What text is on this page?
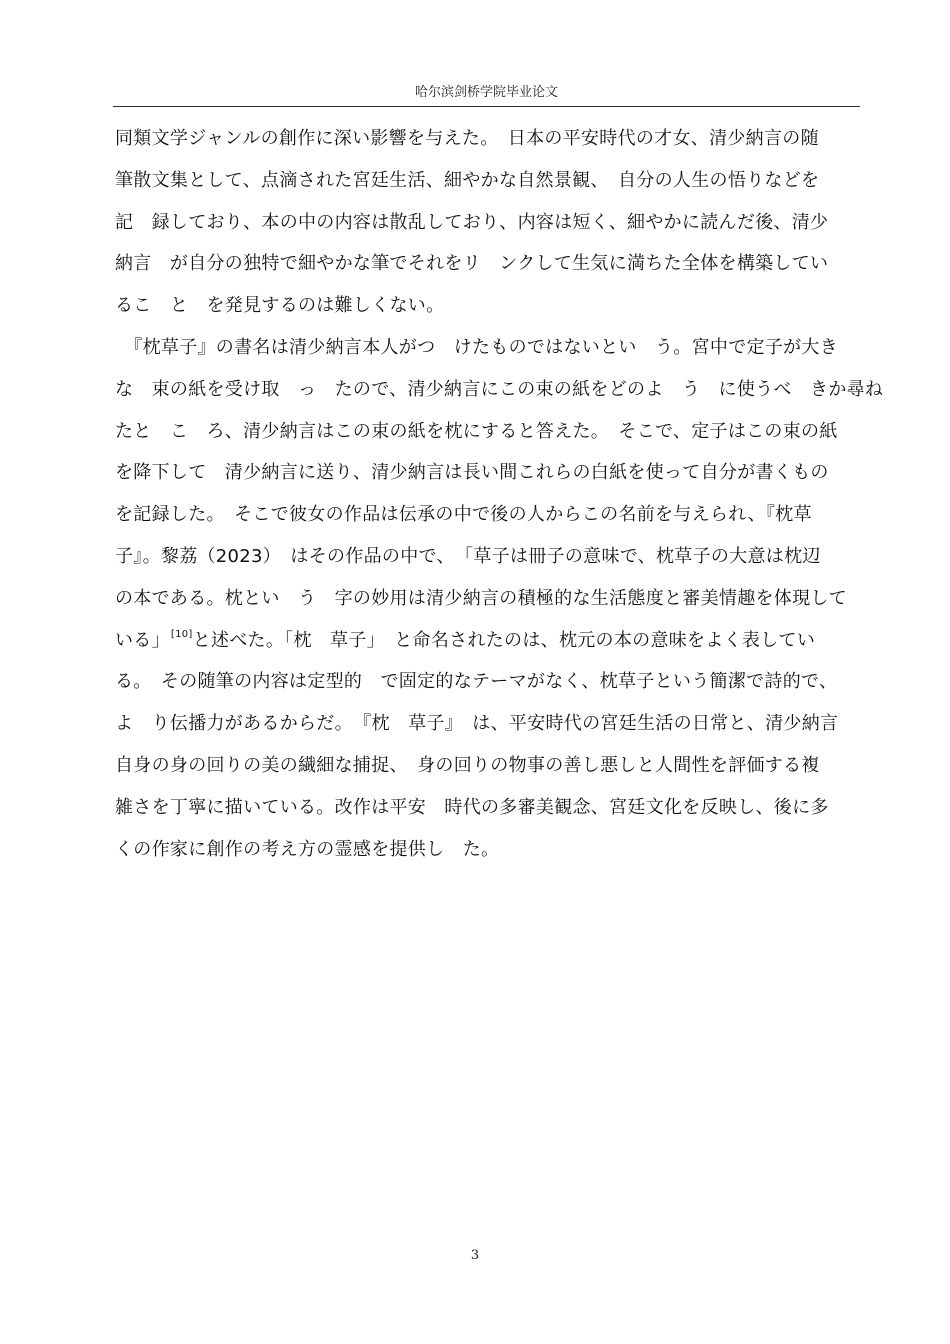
哈尔滨剑桥学院毕业论文
同類文学ジャンルの創作に深い影響を与えた。　日本の平安時代の才女、清少納言の随
筆散文集として、点滴された宮廷生活、細やかな自然景観、　自分の人生の悟りなどを
記　録しており、本の中の内容は散乱しており、内容は短く、細やかに読んだ後、清少
納言　が自分の独特で細やかな筆でそれをリ　ンクして生気に満ちた全体を構築してい
るこ　と　を発見するのは難しくない。
　『枕草子』の書名は清少納言本人がつ　けたものではないとい　う。宮中で定子が大き
な　束の紙を受け取　っ　たので、清少納言にこの束の紙をどのよ　う　に使うべ　きか尋ね
たと　こ　ろ、清少納言はこの束の紙を枕にすると答えた。　そこで、定子はこの束の紙
を降下して　清少納言に送り、清少納言は長い間これらの白紙を使って自分が書くもの
を記録した。　そこで彼女の作品は伝承の中で後の人からこの名前を与えられ、『枕草
子』。黎荔（2023）　はその作品の中で、　「草子は冊子の意味で、枕草子の大意は枕辺
の本である。枕とい　う　字の妙用は清少納言の積極的な生活態度と審美情趣を体現して
いる」[10]と述べた。「枕　草子」　と命名されたのは、枕元の本の意味をよく表してい
る。　その随筆の内容は定型的　で固定的なテーマがなく、枕草子という簡潔で詩的で、
よ　り伝播力があるからだ。　『枕　草子』　は、平安時代の宮廷生活の日常と、清少納言
自身の身の回りの美の繊細な捕捉、　身の回りの物事の善し悪しと人間性を評価する複
雑さを丁寧に描いている。改作は平安　時代の多審美観念、宮廷文化を反映し、後に多
くの作家に創作の考え方の霊感を提供し　た。
3
